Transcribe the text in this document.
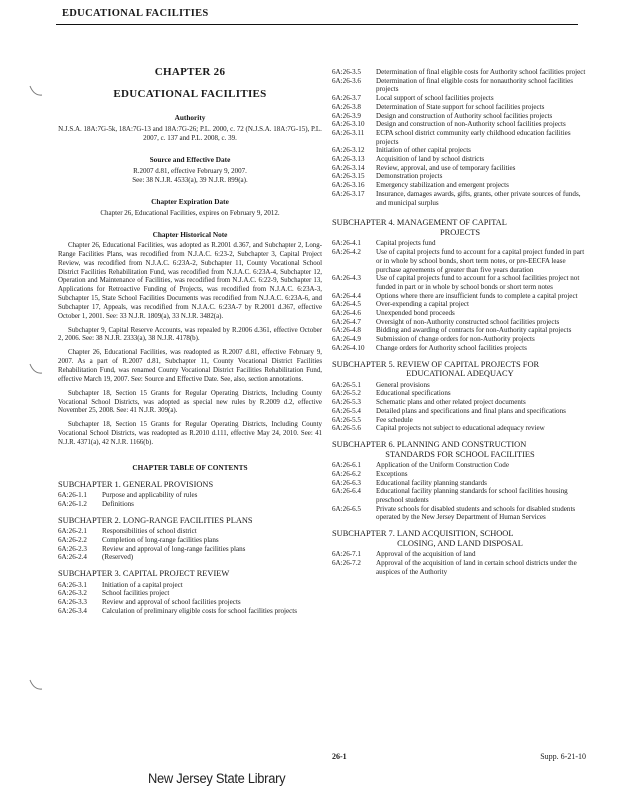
EDUCATIONAL FACILITIES
CHAPTER 26
EDUCATIONAL FACILITIES
Authority

N.J.S.A. 18A:7G-5k, 18A:7G-13 and 18A:7G-26; P.L. 2000, c. 72 (N.J.S.A. 18A:7G-15), P.L. 2007, c. 137 and P.L. 2008, c. 39.

Source and Effective Date

R.2007 d.81, effective February 9, 2007.

See: 38 N.J.R. 4533(a), 39 N.J.R. 899(a).

Chapter Expiration Date

Chapter 26, Educational Facilities, expires on February 9, 2012.

Chapter Historical Note

Chapter 26, Educational Facilities, was adopted as R.2001 d.367, and Subchapter 2, Long-Range Facilities Plans, was recodified from N.J.A.C. 6:23-2, Subchapter 3, Capital Project Review, was recodified from N.J.A.C. 6:23A-2, Subchapter 11, County Vocational School District Facilities Rehabilitation Fund, was recodified from N.J.A.C. 6:23A-4, Subchapter 12, Operation and Maintenance of Facilities, was recodified from N.J.A.C. 6:22-9, Subchapter 13, Applications for Retroactive Funding of Projects, was recodified from N.J.A.C. 6:23A-3, Subchapter 15, State School Facilities Documents was recodified from N.J.A.C. 6:23A-6, and Subchapter 17, Appeals, was recodified from N.J.A.C. 6:23A-7 by R.2001 d.367, effective October 1, 2001. See: 33 N.J.R. 1809(a), 33 N.J.R. 3482(a).

Subchapter 9, Capital Reserve Accounts, was repealed by R.2006 d.361, effective October 2, 2006. See: 38 N.J.R. 2333(a), 38 N.J.R. 4178(b).

Chapter 26, Educational Facilities, was readopted as R.2007 d.81, effective February 9, 2007. As a part of R.2007 d.81, Subchapter 11, County Vocational District Facilities Rehabilitation Fund, was renamed County Vocational District Facilities Rehabilitation Fund, effective March 19, 2007. See: Source and Effective Date. See, also, section annotations.

Subchapter 18, Section 15 Grants for Regular Operating Districts, Including County Vocational School Districts, was adopted as special new rules by R.2009 d.2, effective November 25, 2008. See: 41 N.J.R. 309(a).

Subchapter 18, Section 15 Grants for Regular Operating Districts, Including County Vocational School Districts, was readopted as R.2010 d.111, effective May 24, 2010. See: 41 N.J.R. 4371(a), 42 N.J.R. 1166(b).

CHAPTER TABLE OF CONTENTS
SUBCHAPTER 1. GENERAL PROVISIONS
6A:26-1.1	Purpose and applicability of rules
6A:26-1.2	Definitions
SUBCHAPTER 2. LONG-RANGE FACILITIES PLANS
6A:26-2.1	Responsibilities of school district
6A:26-2.2	Completion of long-range facilities plans
6A:26-2.3	Review and approval of long-range facilities plans
6A:26-2.4	(Reserved)
SUBCHAPTER 3. CAPITAL PROJECT REVIEW
6A:26-3.1	Initiation of a capital project
6A:26-3.2	School facilities project
6A:26-3.3	Review and approval of school facilities projects
6A:26-3.4	Calculation of preliminary eligible costs for school facilities projects
6A:26-3.5	Determination of final eligible costs for Authority school facilities project
6A:26-3.6	Determination of final eligible costs for nonauthority school facilities projects
6A:26-3.7	Local support of school facilities projects
6A:26-3.8	Determination of State support for school facilities projects
6A:26-3.9	Design and construction of Authority school facilities projects
6A:26-3.10	Design and construction of non-Authority school facilities projects
6A:26-3.11	ECPA school district community early childhood education facilities projects
6A:26-3.12	Initiation of other capital projects
6A:26-3.13	Acquisition of land by school districts
6A:26-3.14	Review, approval, and use of temporary facilities
6A:26-3.15	Demonstration projects
6A:26-3.16	Emergency stabilization and emergent projects
6A:26-3.17	Insurance, damages awards, gifts, grants, other private sources of funds, and municipal surplus
SUBCHAPTER 4. MANAGEMENT OF CAPITAL
PROJECTS
6A:26-4.1	Capital projects fund
6A:26-4.2	Use of capital projects fund to account for a capital project funded in part or in whole by school bonds, short term notes, or pre-EECFA lease purchase agreements of greater than five years duration
6A:26-4.3	Use of capital projects fund to account for a school facilities project not funded in part or in whole by school bonds or short term notes
6A:26-4.4	Options where there are insufficient funds to complete a capital project
6A:26-4.5	Over-expending a capital project
6A:26-4.6	Unexpended bond proceeds
6A:26-4.7	Oversight of non-Authority constructed school facilities projects
6A:26-4.8	Bidding and awarding of contracts for non-Authority capital projects
6A:26-4.9	Submission of change orders for non-Authority projects
6A:26-4.10	Change orders for Authority school facilities projects
SUBCHAPTER 5. REVIEW OF CAPITAL PROJECTS FOR
EDUCATIONAL ADEQUACY
6A:26-5.1	General provisions
6A:26-5.2	Educational specifications
6A:26-5.3	Schematic plans and other related project documents
6A:26-5.4	Detailed plans and specifications and final plans and specifications
6A:26-5.5	Fee schedule
6A:26-5.6	Capital projects not subject to educational adequacy review
SUBCHAPTER 6. PLANNING AND CONSTRUCTION
STANDARDS FOR SCHOOL FACILITIES
6A:26-6.1	Application of the Uniform Construction Code
6A:26-6.2	Exceptions
6A:26-6.3	Educational facility planning standards
6A:26-6.4	Educational facility planning standards for school facilities housing preschool students
6A:26-6.5	Private schools for disabled students and schools for disabled students operated by the New Jersey Department of Human Services
SUBCHAPTER 7. LAND ACQUISITION, SCHOOL
CLOSING, AND LAND DISPOSAL
6A:26-7.1	Approval of the acquisition of land
6A:26-7.2	Approval of the acquisition of land in certain school districts under the auspices of the Authority
26-1	Supp. 6-21-10
New Jersey State Library
